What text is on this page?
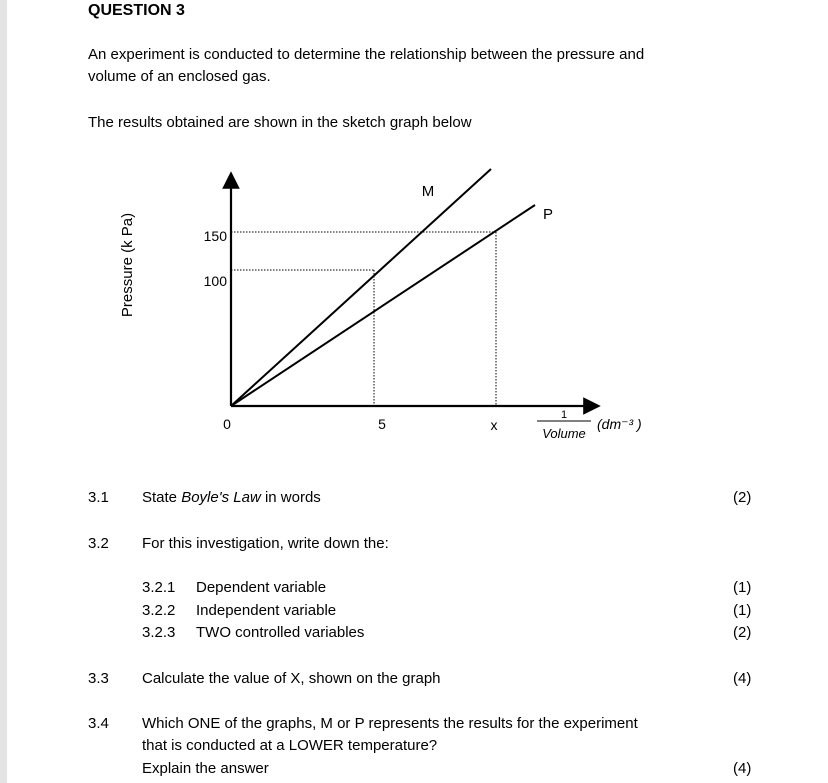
QUESTION 3
An experiment is conducted to determine the relationship between the pressure and
volume of an enclosed gas.
The results obtained are shown in the sketch graph below
M
P
150
100
0	5	x
Pressure (k Pa)
1
Volume
(dm⁻³ )
3.1 State Boyle's Law in words	(2)
3.2 For this investigation, write down the:
3.2.1 Dependent variable	(1)
3.2.2 Independent variable	(1)
3.2.3 TWO controlled variables	(2)
3.3 Calculate the value of X, shown on the graph	(4)
3.4 Which ONE of the graphs, M or P represents the results for the experiment
that is conducted at a LOWER temperature?
Explain the answer	(4)
